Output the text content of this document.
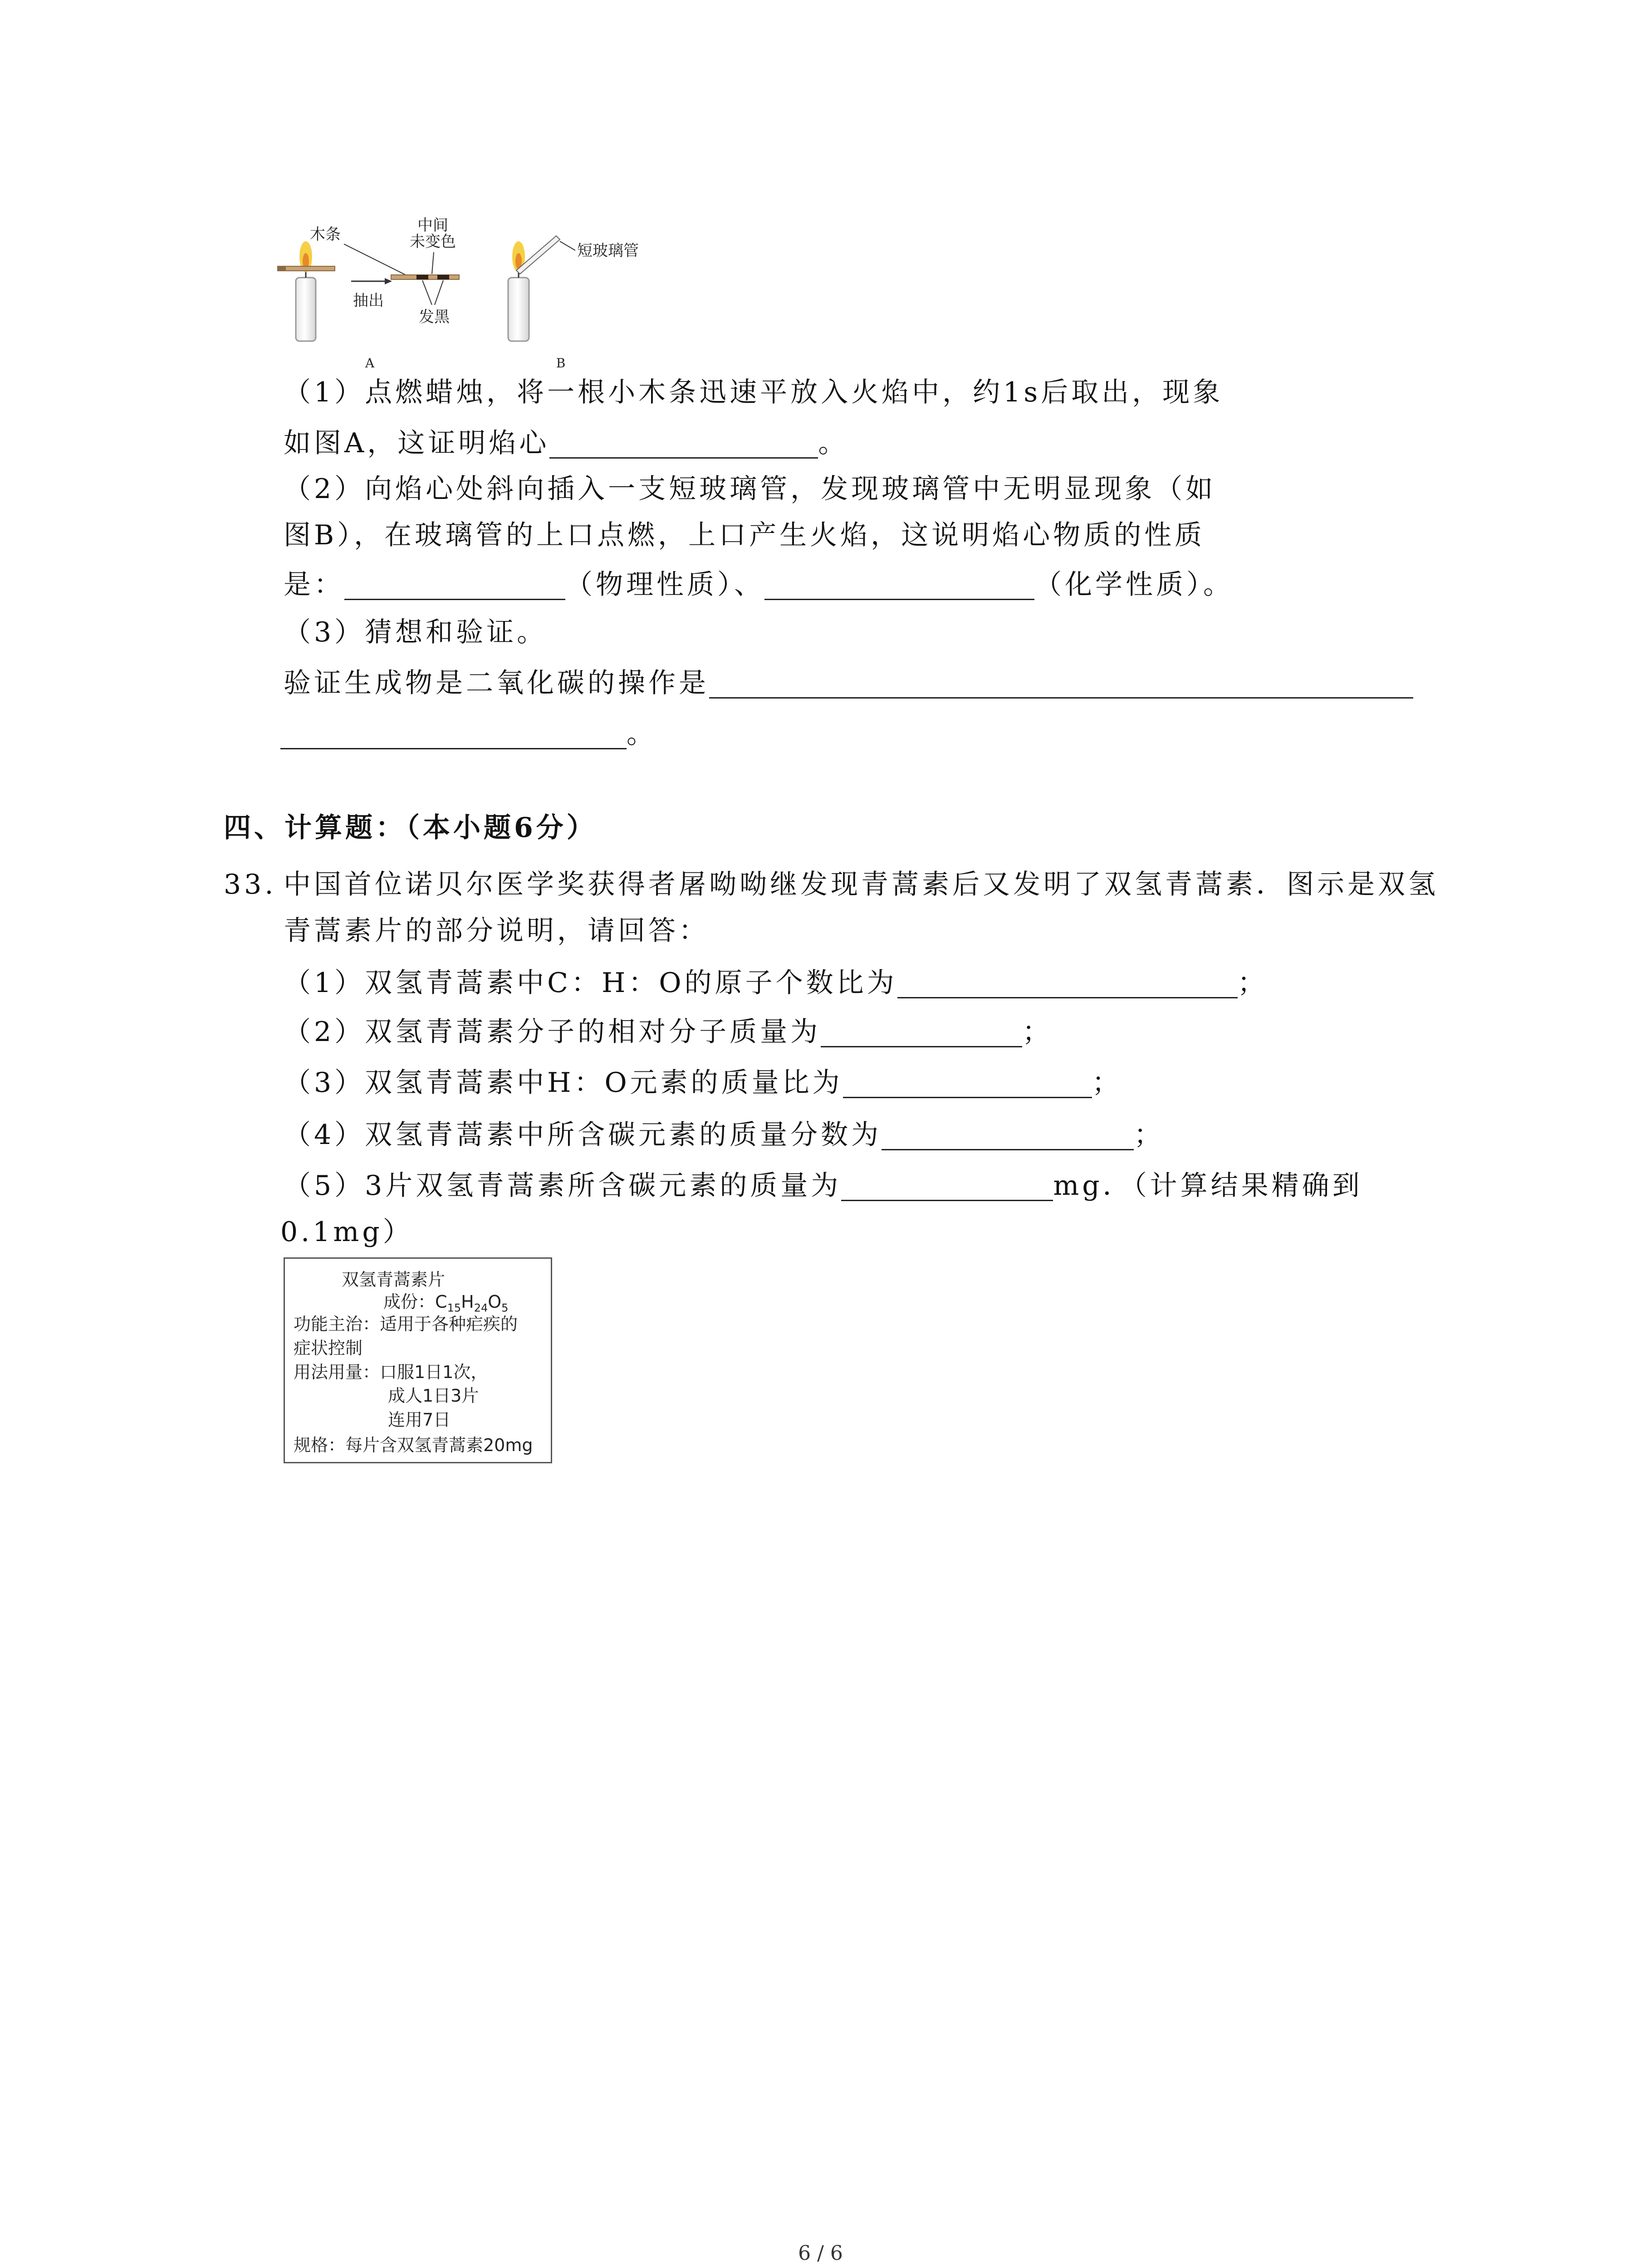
木条
抽出
中间
未变色
发黑
短玻璃管
A	B
（1）点燃蜡烛，将一根小木条迅速平放入火焰中，约1s后取出，现象
如图A，这证明焰心	。
（2）向焰心处斜向插入一支短玻璃管，发现玻璃管中无明显现象（如
图B），在玻璃管的上口点燃，上口产生火焰，这说明焰心物质的性质
是：	（物理性质）、	（化学性质）。
（3）猜想和验证。
验证生成物是二氧化碳的操作是
。
四、计算题：（本小题6分）
33. 中国首位诺贝尔医学奖获得者屠呦呦继发现青蒿素后又发明了双氢青蒿素．图示是双氢
青蒿素片的部分说明，请回答：
（1）双氢青蒿素中C：H：O的原子个数比为	；
（2）双氢青蒿素分子的相对分子质量为	；
（3）双氢青蒿素中H：O元素的质量比为	；
（4）双氢青蒿素中所含碳元素的质量分数为	；
（5）3片双氢青蒿素所含碳元素的质量为	mg．（计算结果精确到
0.1mg）
双氢青蒿素片
成份：$C_{15}H_{24}O_5$
功能主治：适用于各种疟疾的
症状控制
用法用量：口服1日1次，
成人1日3片
连用7日
规格：每片含双氢青蒿素20mg
6 / 6
